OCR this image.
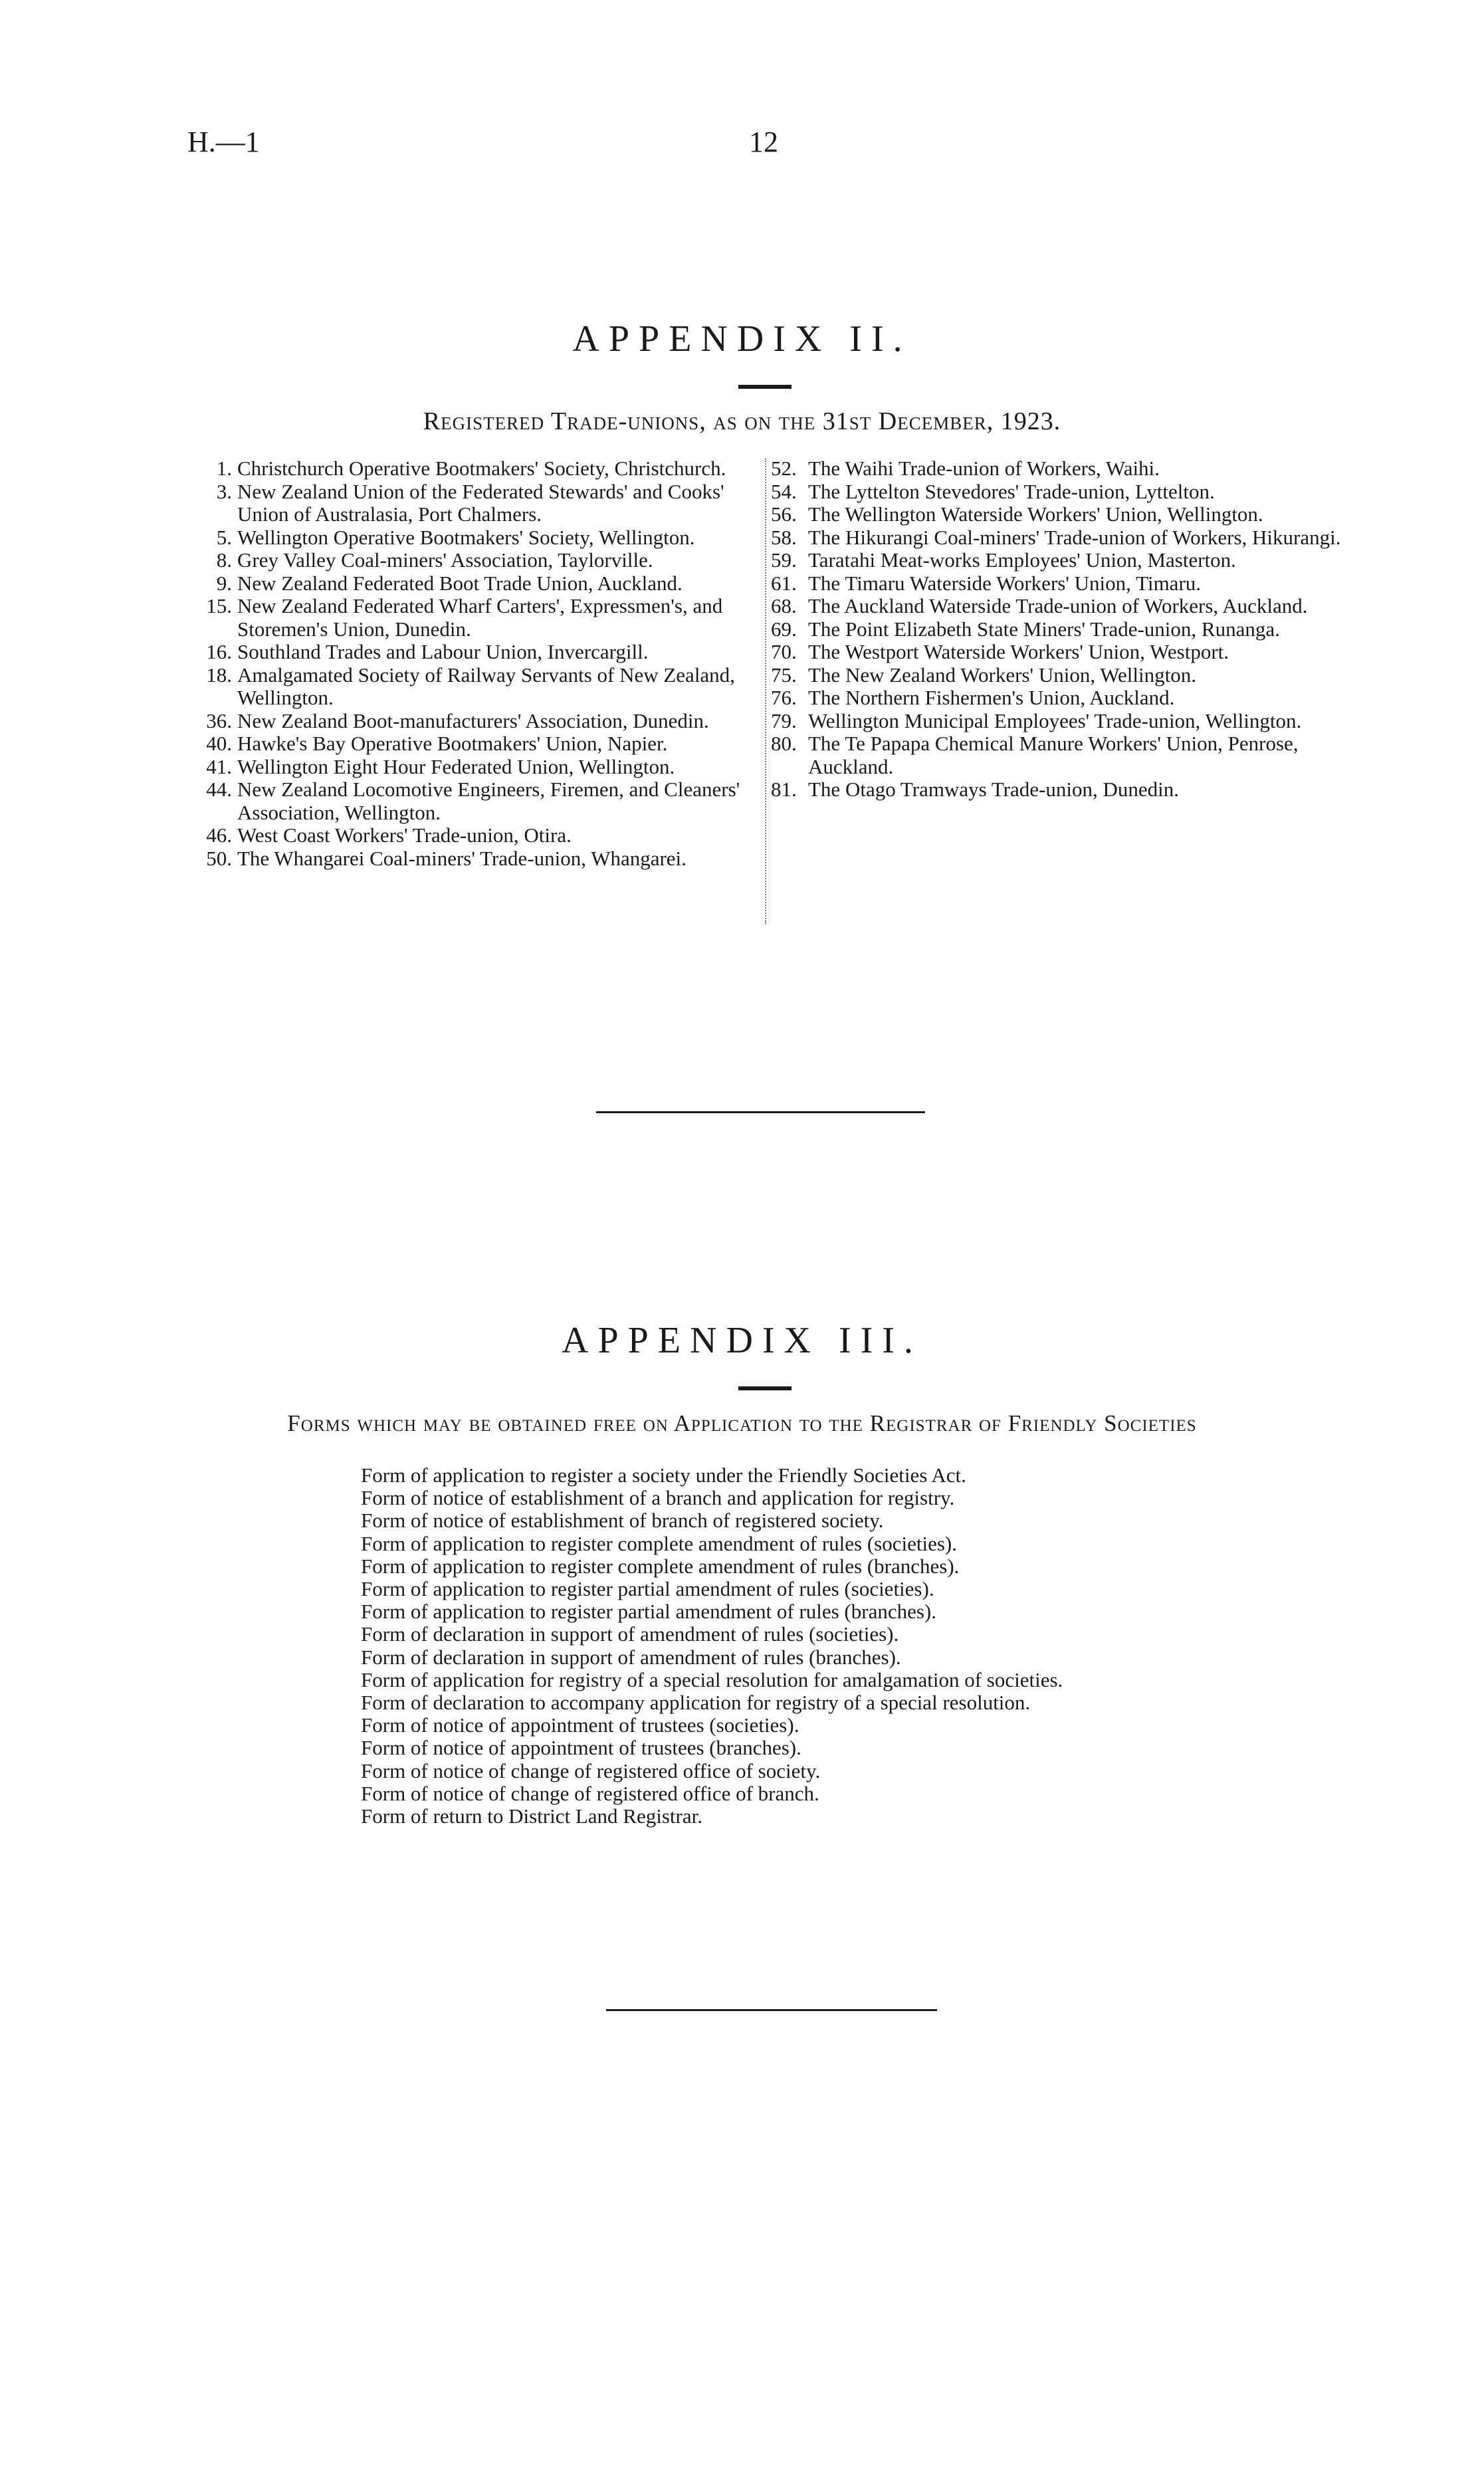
H.—1	12
APPENDIX II.
Registered Trade-unions, as on the 31st December, 1923.
1. Christchurch Operative Bootmakers' Society, Christchurch.
3. New Zealand Union of the Federated Stewards' and Cooks' Union of Australasia, Port Chalmers.
5. Wellington Operative Bootmakers' Society, Wellington.
8. Grey Valley Coal-miners' Association, Taylorville.
9. New Zealand Federated Boot Trade Union, Auckland.
15. New Zealand Federated Wharf Carters', Expressmen's, and Storemen's Union, Dunedin.
16. Southland Trades and Labour Union, Invercargill.
18. Amalgamated Society of Railway Servants of New Zealand, Wellington.
36. New Zealand Boot-manufacturers' Association, Dunedin.
40. Hawke's Bay Operative Bootmakers' Union, Napier.
41. Wellington Eight Hour Federated Union, Wellington.
44. New Zealand Locomotive Engineers, Firemen, and Cleaners' Association, Wellington.
46. West Coast Workers' Trade-union, Otira.
50. The Whangarei Coal-miners' Trade-union, Whangarei.
52. The Waihi Trade-union of Workers, Waihi.
54. The Lyttelton Stevedores' Trade-union, Lyttelton.
56. The Wellington Waterside Workers' Union, Wellington.
58. The Hikurangi Coal-miners' Trade-union of Workers, Hikurangi.
59. Taratahi Meat-works Employees' Union, Masterton.
61. The Timaru Waterside Workers' Union, Timaru.
68. The Auckland Waterside Trade-union of Workers, Auckland.
69. The Point Elizabeth State Miners' Trade-union, Runanga.
70. The Westport Waterside Workers' Union, Westport.
75. The New Zealand Workers' Union, Wellington.
76. The Northern Fishermen's Union, Auckland.
79. Wellington Municipal Employees' Trade-union, Wellington.
80. The Te Papapa Chemical Manure Workers' Union, Penrose, Auckland.
81. The Otago Tramways Trade-union, Dunedin.
APPENDIX III.
Forms which may be obtained free on Application to the Registrar of Friendly Societies
Form of application to register a society under the Friendly Societies Act.
Form of notice of establishment of a branch and application for registry.
Form of notice of establishment of branch of registered society.
Form of application to register complete amendment of rules (societies).
Form of application to register complete amendment of rules (branches).
Form of application to register partial amendment of rules (societies).
Form of application to register partial amendment of rules (branches).
Form of declaration in support of amendment of rules (societies).
Form of declaration in support of amendment of rules (branches).
Form of application for registry of a special resolution for amalgamation of societies.
Form of declaration to accompany application for registry of a special resolution.
Form of notice of appointment of trustees (societies).
Form of notice of appointment of trustees (branches).
Form of notice of change of registered office of society.
Form of notice of change of registered office of branch.
Form of return to District Land Registrar.
